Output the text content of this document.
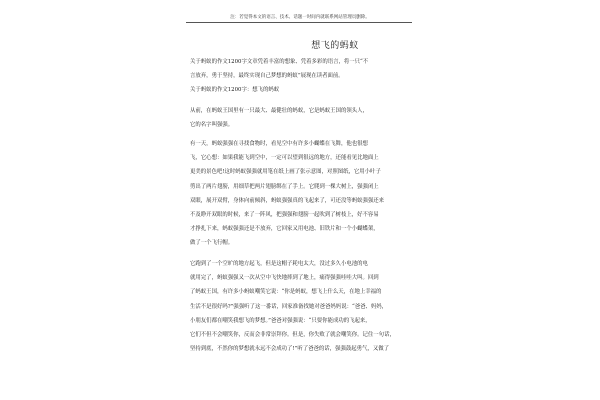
注：若觉得本文的语言、技术、话题一时间内就联系网站管理员删除。
想飞的蚂蚁
关于蚂蚁的作文1200字文章凭着丰富的想象、凭着多彩的语言，将一只“不
言放弃，勇于坚持，最终实现自己梦想的蚂蚁”展现在读者面前。
关于蚂蚁的作文1200字：想飞的蚂蚁
从前，在蚂蚁王国里有一只最大、最健壮的蚂蚁，它是蚂蚁王国的领头人，
它的名字叫强强。
有一天，蚂蚁强强在寻找食物时，看见空中有许多小蝴蝶在飞舞，他也很想
飞，它心想：如果我能飞到空中，一定可以望到很远的地方，还能看见比地面上
更美的景色吧!这时蚂蚁强强就用笔在纸上画了张示意图，对照图纸，它用小叶子
剪出了两片翅膀，用细草把两片翅膀绑在了手上。它爬到一棵大树上，强强闭上
双眼，展开双臂，身体向前倾斜，蚂蚁强强真的飞起来了，可还没等蚂蚁强强还来
不及睁开双眼的时候，来了一阵风，把强强和翅膀一起吹到了树枝上，好不容易
才挣扎下来，蚂蚁强强还是不放弃，它回家又用电池、旧铁片和一个小蝴蝶架，
做了一个飞行帽。
它跑到了一个空旷的地方起飞，但是这帽子耗电太大，没过多久小电池的电
就用完了，蚂蚁强强又一次从空中飞快地摔到了地上，痛得强强哇哇大叫。回到
了蚂蚁王国，有许多小蚂蚁嘲笑它说：“你是蚂蚁，想飞上什么天，在地上幸福的
生活不是很好吗?”强强听了这一番话，回家准备找她对爸爸妈妈说：“爸爸、妈妈，
小朋友们都在嘲笑我想飞的梦想。”爸爸对强强说：“只要你能成功的飞起来，
它们不但不会嘲笑你，反而会非常崇拜你。但是，你失败了就会嘲笑你。记住一句话，
坚持到底，不然你的梦想就永远不会成功了!”听了爸爸的话，强强鼓起勇气，又做了
